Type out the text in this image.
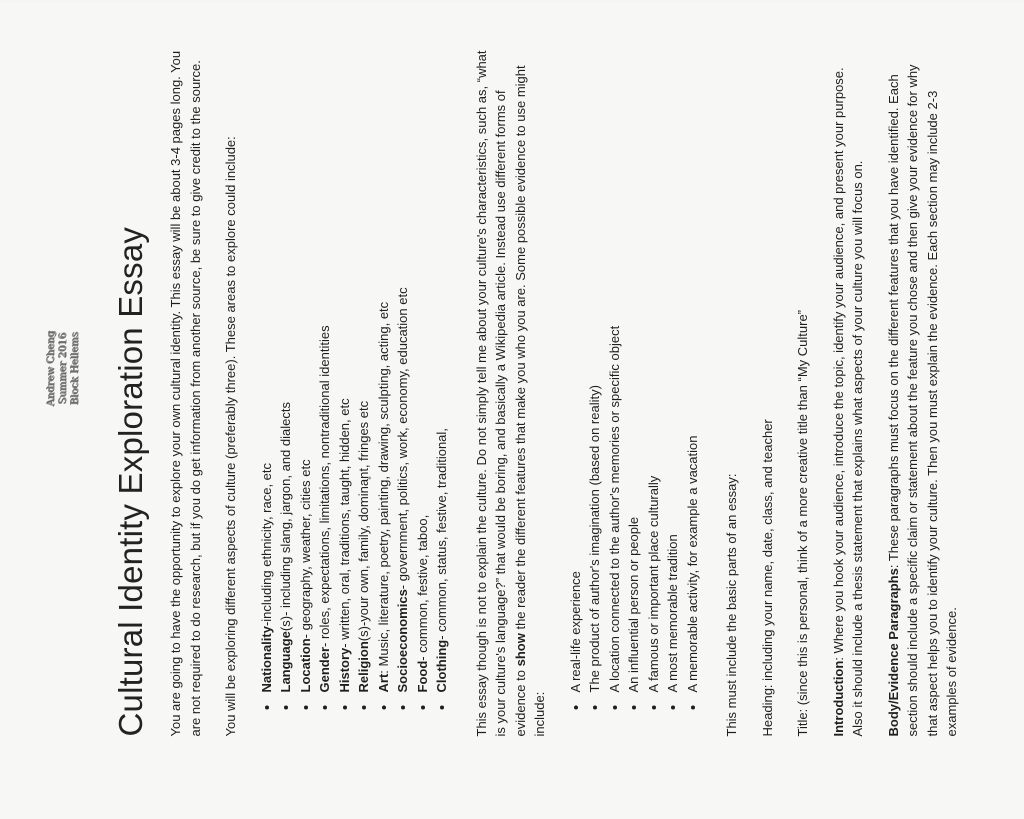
Andrew Cheng Summer 2016 Block Hellems Cultural Identity Exploration Essay You are going to have the opportunity to explore your own cultural identity. This essay will be about 3-4 pages long. You are not required to do research, but if you do get information from another source, be sure to give credit to the source. You will be exploring different aspects of culture (preferably three). These areas to explore could include: • Nationality-including ethnicity, race, etc
• Language(s)- including slang, jargon, and dialects
• Location- geography, weather, cities etc
• Gender- roles, expectations, limitations, nontraditional identities
• History- written, oral, traditions, taught, hidden, etc
• Religion(s)-your own, family, dominant, fringes etc
• Art: Music, literature, poetry, painting, drawing, sculpting, acting, etc • Socioeconomics- government, politics, work, economy, education etc
• Food- common, festive, taboo,
• Clothing- common, status, festive, traditional, This essay though is not to explain the culture. Do not simply tell me about your culture's characteristics, such as, “what is your culture's language?” that would be boring, and basically a Wikipedia article. Instead use different forms of evidence to show the reader the different features that make you who you are. Some possible evidence to use might include:

• A real-life experience • The product of author's imagination (based on reality) • A location connected to the author's memories or specific object • An influential person or people • A famous or important place culturally • A most memorable tradition • A memorable activity, for example a vacation This must include the basic parts of an essay: Heading: including your name, date, class, and teacher Title: (since this is personal, think of a more creative title than “My Culture” Introduction: Where you hook your audience, introduce the topic, identify your audience, and present your purpose. Also it should include a thesis statement that explains what aspects of your culture you will focus on. Body/Evidence Paragraphs: These paragraphs must focus on the different features that you have identified. Each section should include a specific claim or statement about the feature you chose and then give your evidence for why that aspect helps you to identify your culture. Then you must explain the evidence. Each section may include 2-3 examples of evidence.
